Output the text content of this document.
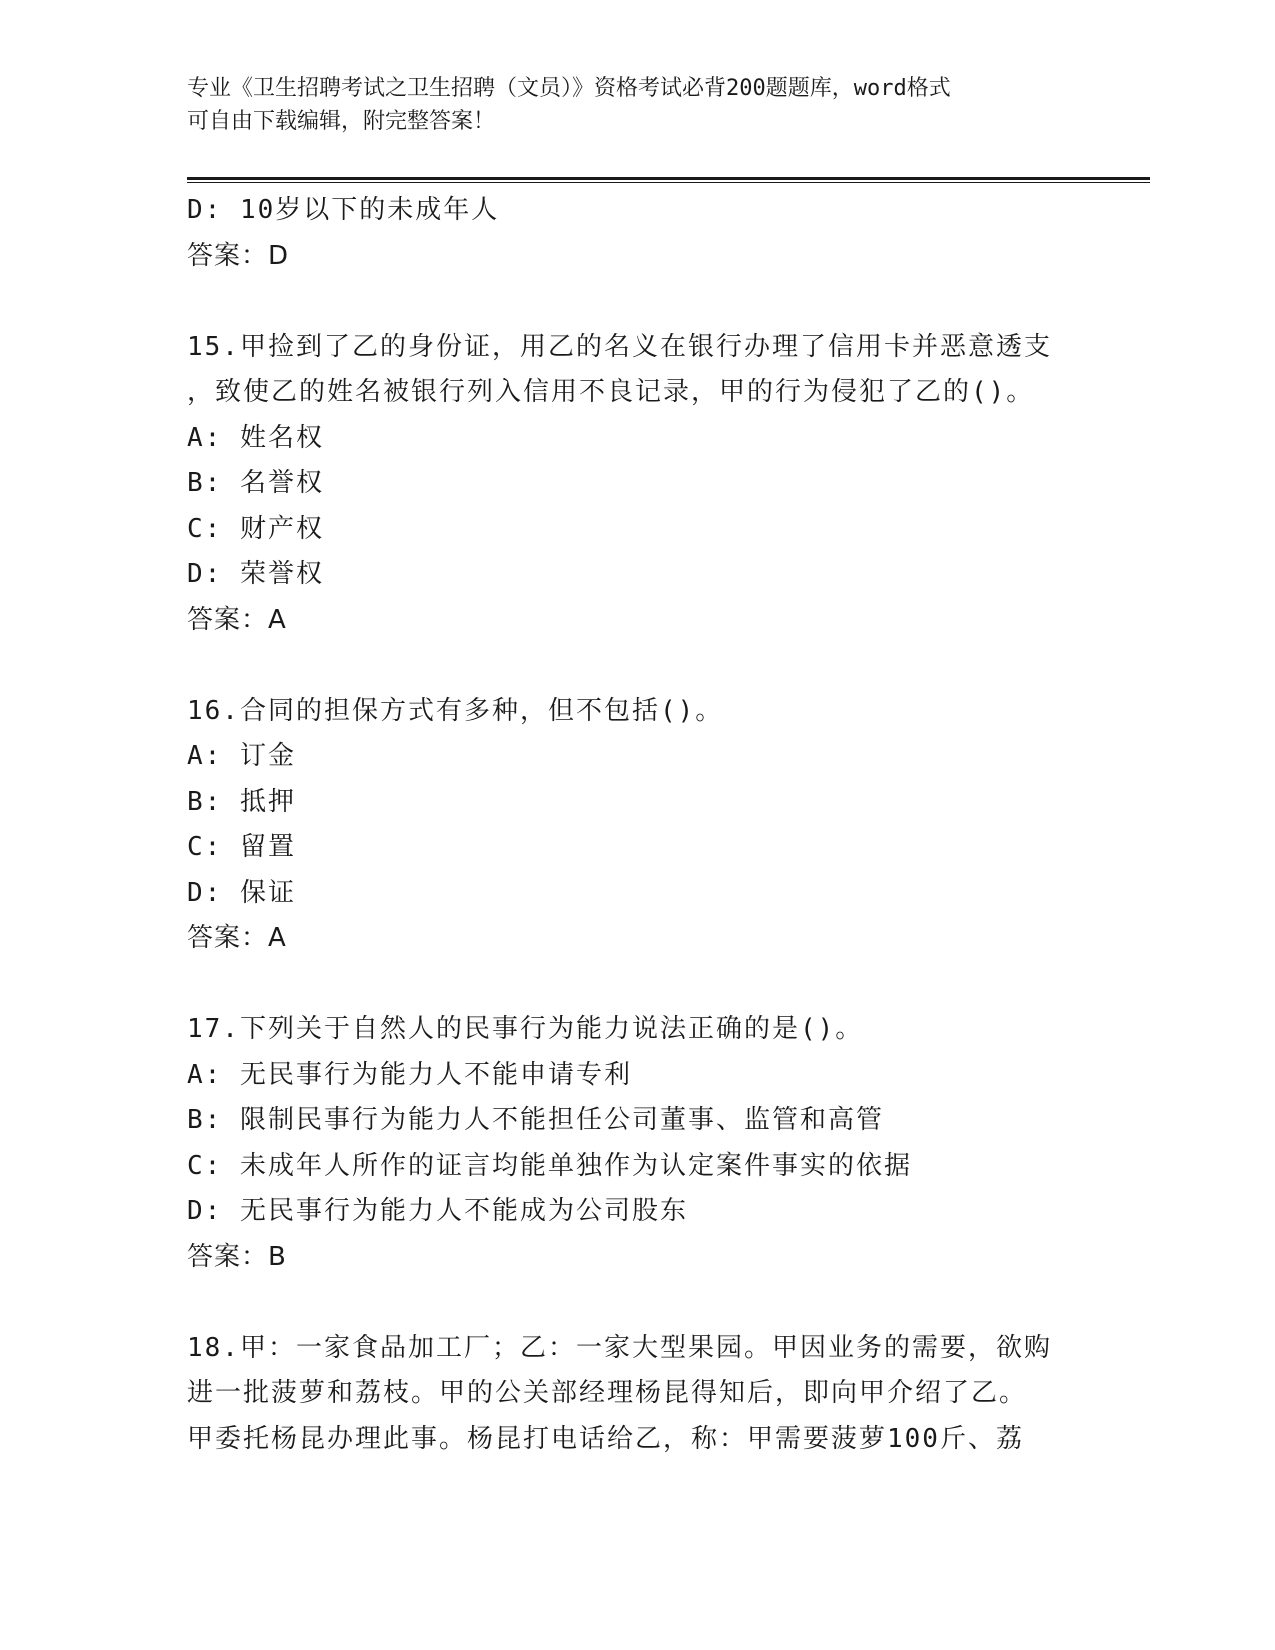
专业《卫生招聘考试之卫生招聘（文员）》资格考试必背200题题库，word格式
可自由下载编辑，附完整答案！
D: 10岁以下的未成年人
答案：D
15.甲捡到了乙的身份证，用乙的名义在银行办理了信用卡并恶意透支
，致使乙的姓名被银行列入信用不良记录，甲的行为侵犯了乙的()。
A: 姓名权
B: 名誉权
C: 财产权
D: 荣誉权
答案：A
16.合同的担保方式有多种，但不包括()。
A: 订金
B: 抵押
C: 留置
D: 保证
答案：A
17.下列关于自然人的民事行为能力说法正确的是()。
A: 无民事行为能力人不能申请专利
B: 限制民事行为能力人不能担任公司董事、监管和高管
C: 未成年人所作的证言均能单独作为认定案件事实的依据
D: 无民事行为能力人不能成为公司股东
答案：B
18.甲：一家食品加工厂；乙：一家大型果园。甲因业务的需要，欲购
进一批菠萝和荔枝。甲的公关部经理杨昆得知后，即向甲介绍了乙。
甲委托杨昆办理此事。杨昆打电话给乙，称：甲需要菠萝100斤、荔
